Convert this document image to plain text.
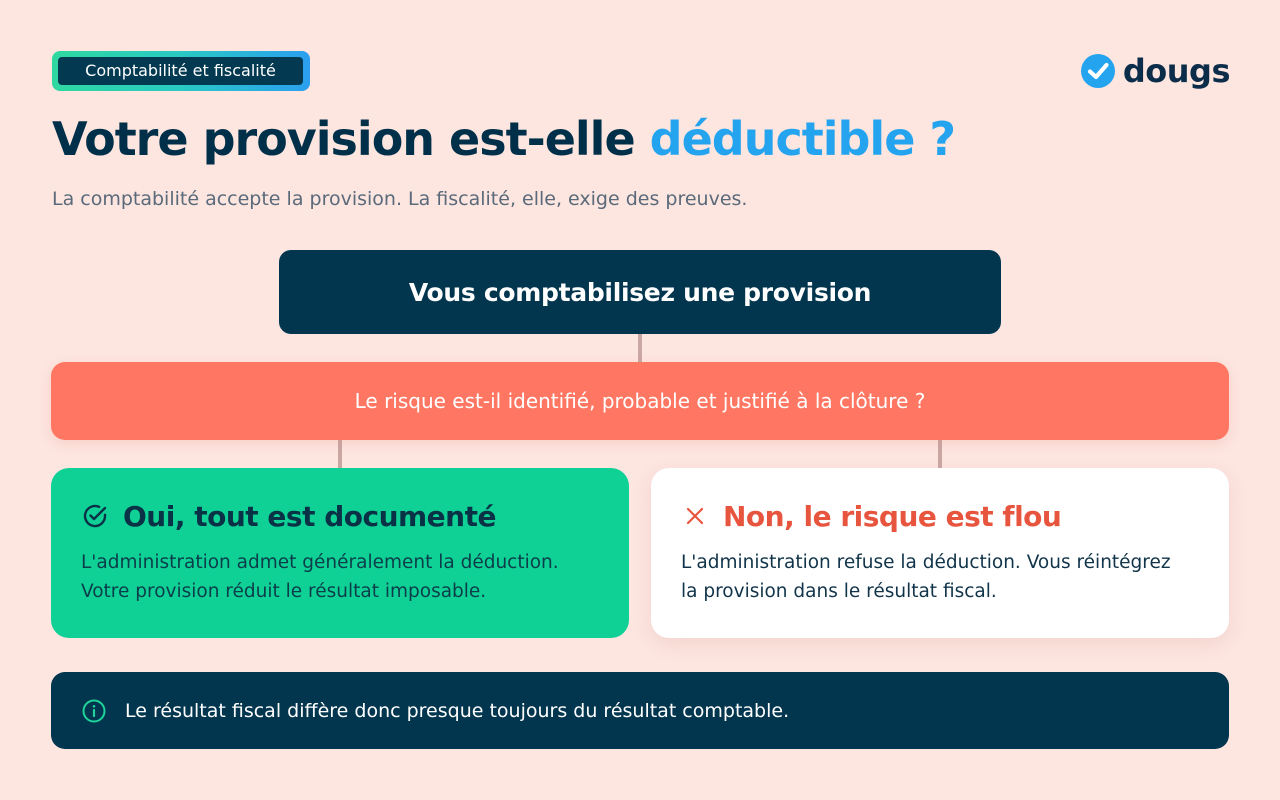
Comptabilité et fiscalité	dougs
Votre provision est-elle déductible ?

La comptabilité accepte la provision. La fiscalité, elle, exige des preuves.

Vous comptabilisez une provision
Le risque est-il identifié, probable et justifié à la clôture ?
Oui, tout est documenté
L'administration admet généralement la déduction.
Votre provision réduit le résultat imposable.
Non, le risque est flou
L'administration refuse la déduction. Vous réintégrez
la provision dans le résultat fiscal.
Le résultat fiscal diffère donc presque toujours du résultat comptable.
